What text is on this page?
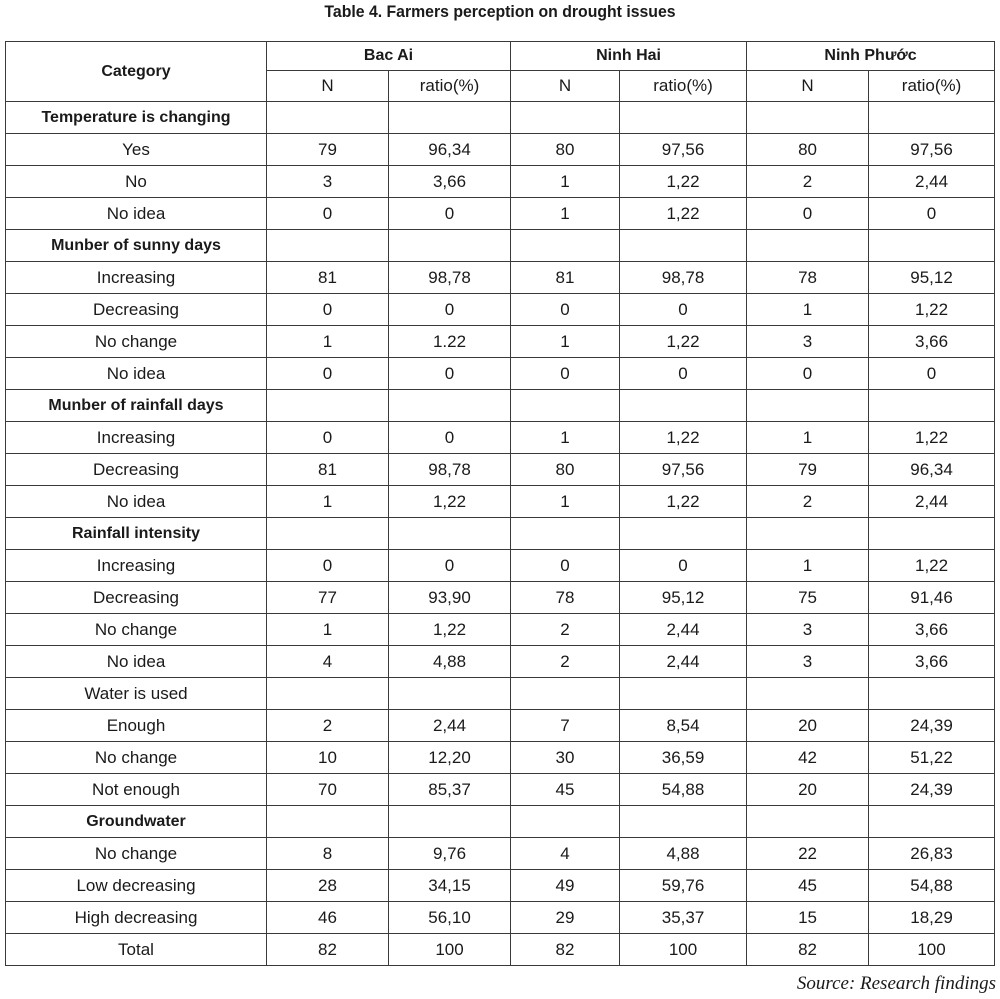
Table 4. Farmers perception on drought issues
Category	Bac Ai		Ninh Hai		Ninh Phước	
	N	ratio(%)	N	ratio(%)	N	ratio(%)
Temperature is changing						
Yes	79	96,34	80	97,56	80	97,56
No	3	3,66	1	1,22	2	2,44
No idea	0	0	1	1,22	0	0
Munber of sunny days						
Increasing	81	98,78	81	98,78	78	95,12
Decreasing	0	0	0	0	1	1,22
No change	1	1.22	1	1,22	3	3,66
No idea	0	0	0	0	0	0
Munber of rainfall days						
Increasing	0	0	1	1,22	1	1,22
Decreasing	81	98,78	80	97,56	79	96,34
No idea	1	1,22	1	1,22	2	2,44
Rainfall intensity						
Increasing	0	0	0	0	1	1,22
Decreasing	77	93,90	78	95,12	75	91,46
No change	1	1,22	2	2,44	3	3,66
No idea	4	4,88	2	2,44	3	3,66
Water is used						
Enough	2	2,44	7	8,54	20	24,39
No change	10	12,20	30	36,59	42	51,22
Not enough	70	85,37	45	54,88	20	24,39
Groundwater						
No change	8	9,76	4	4,88	22	26,83
Low decreasing	28	34,15	49	59,76	45	54,88
High decreasing	46	56,10	29	35,37	15	18,29
Total	82	100	82	100	82	100
Source: Research findings
